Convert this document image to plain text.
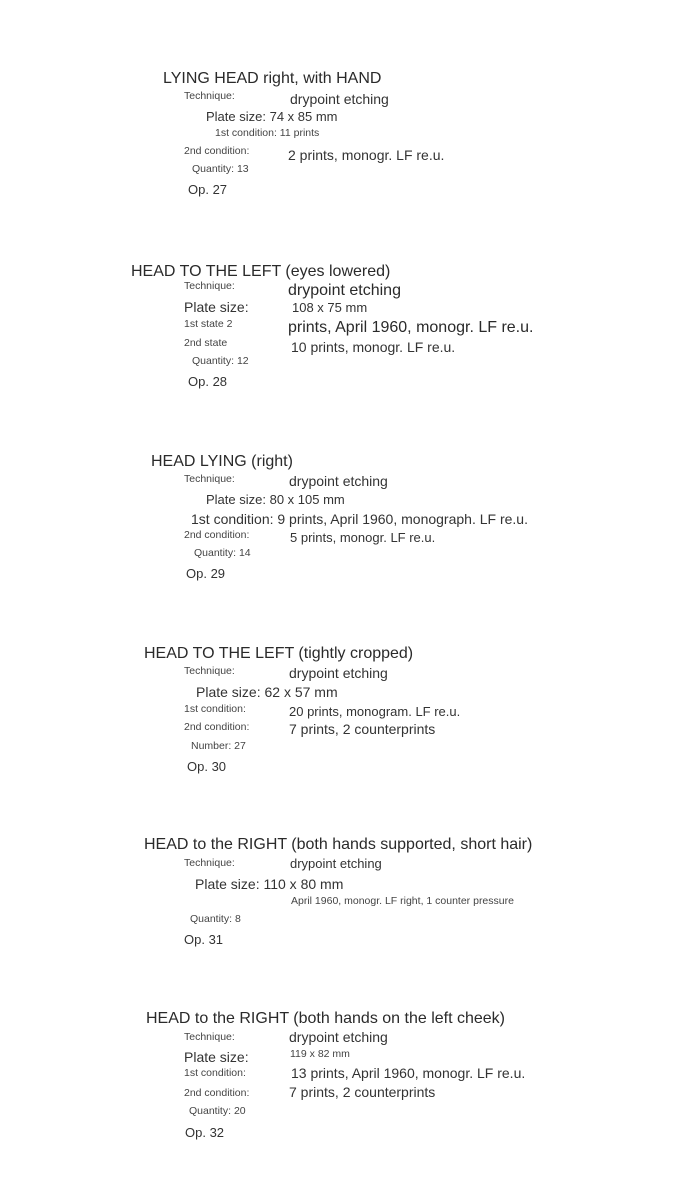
LYING HEAD right, with HAND
Technique:	drypoint etching
Plate size: 74 x 85 mm
1st condition: 11 prints
2nd condition:	2 prints, monogr. LF re.u.
Quantity: 13
Op. 27
HEAD TO THE LEFT (eyes lowered)
Technique:	drypoint etching
Plate size:	108 x 75 mm
1st state 2	prints, April 1960, monogr. LF re.u.
2nd state	10 prints, monogr. LF re.u.
Quantity: 12
Op. 28
HEAD LYING (right)
Technique:	drypoint etching
Plate size: 80 x 105 mm
1st condition: 9 prints, April 1960, monograph. LF re.u.
2nd condition:	5 prints, monogr. LF re.u.
Quantity: 14
Op. 29
HEAD TO THE LEFT (tightly cropped)
Technique:	drypoint etching
Plate size: 62 x 57 mm
1st condition:	20 prints, monogram. LF re.u.
2nd condition:	7 prints, 2 counterprints
Number: 27
Op. 30
HEAD to the RIGHT (both hands supported, short hair)
Technique:	drypoint etching
Plate size: 110 x 80 mm
April 1960, monogr. LF right, 1 counter pressure
Quantity: 8
Op. 31
HEAD to the RIGHT (both hands on the left cheek)
Technique:	drypoint etching
Plate size:	119 x 82 mm
1st condition:	13 prints, April 1960, monogr. LF re.u.
2nd condition:	7 prints, 2 counterprints
Quantity: 20
Op. 32
